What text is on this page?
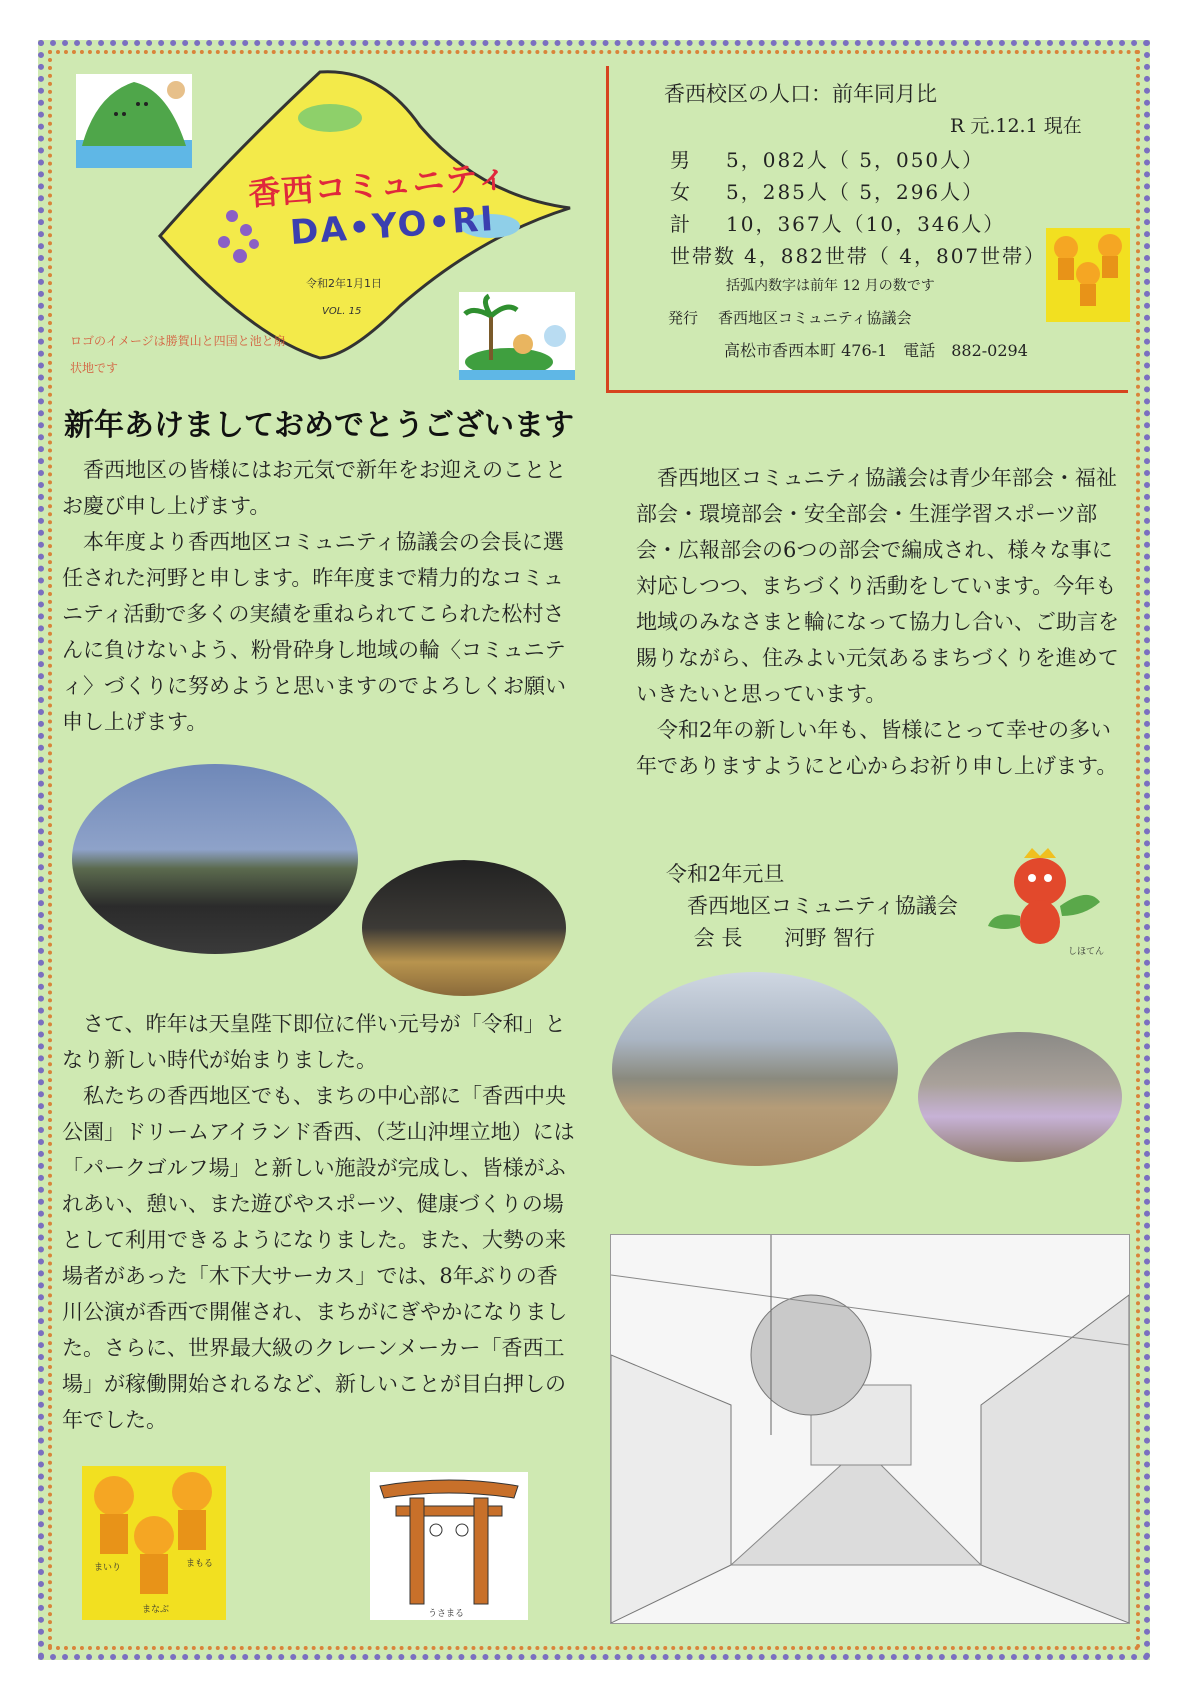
香西コミュニティ
DA•YO•RI
令和2年1月1日
VOL. 15
ロゴのイメージは勝賀山と四国と池と扇状地です
香西校区の人口：前年同月比
R 元.12.1 現在
男 5，082人（ 5，050人）
女 5，285人（ 5，296人）
計 10，367人（10，346人）
世帯数 4，882世帯（ 4，807世帯）
括弧内数字は前年 12 月の数です
発行 香西地区コミュニティ協議会
高松市香西本町 476-1　電話　882-0294
新年あけましておめでとうございます

香西地区の皆様にはお元気で新年をお迎えのこととお慶び申し上げます。

本年度より香西地区コミュニティ協議会の会長に選任された河野と申します。昨年度まで精力的なコミュニティ活動で多くの実績を重ねられてこられた松村さんに負けないよう、粉骨砕身し地域の輪〈コミュニティ〉づくりに努めようと思いますのでよろしくお願い申し上げます。

香西地区コミュニティ協議会は青少年部会・福祉部会・環境部会・安全部会・生涯学習スポーツ部会・広報部会の6つの部会で編成され、様々な事に対応しつつ、まちづくり活動をしています。今年も地域のみなさまと輪になって協力し合い、ご助言を賜りながら、住みよい元気あるまちづくりを進めていきたいと思っています。

令和2年の新しい年も、皆様にとって幸せの多い年でありますようにと心からお祈り申し上げます。

令和2年元旦
　香西地区コミュニティ協議会
　 会 長　　河野 智行
しほてん

さて、昨年は天皇陛下即位に伴い元号が「令和」となり新しい時代が始まりました。

私たちの香西地区でも、まちの中心部に「香西中央公園」ドリームアイランド香西、（芝山沖埋立地）には「パークゴルフ場」と新しい施設が完成し、皆様がふれあい、憩い、また遊びやスポーツ、健康づくりの場として利用できるようになりました。また、大勢の来場者があった「木下大サーカス」では、8年ぶりの香川公演が香西で開催され、まちがにぎやかになりました。さらに、世界最大級のクレーンメーカー「香西工場」が稼働開始されるなど、新しいことが目白押しの年でした。

まいり	まもる
まなぶ	うさまる
